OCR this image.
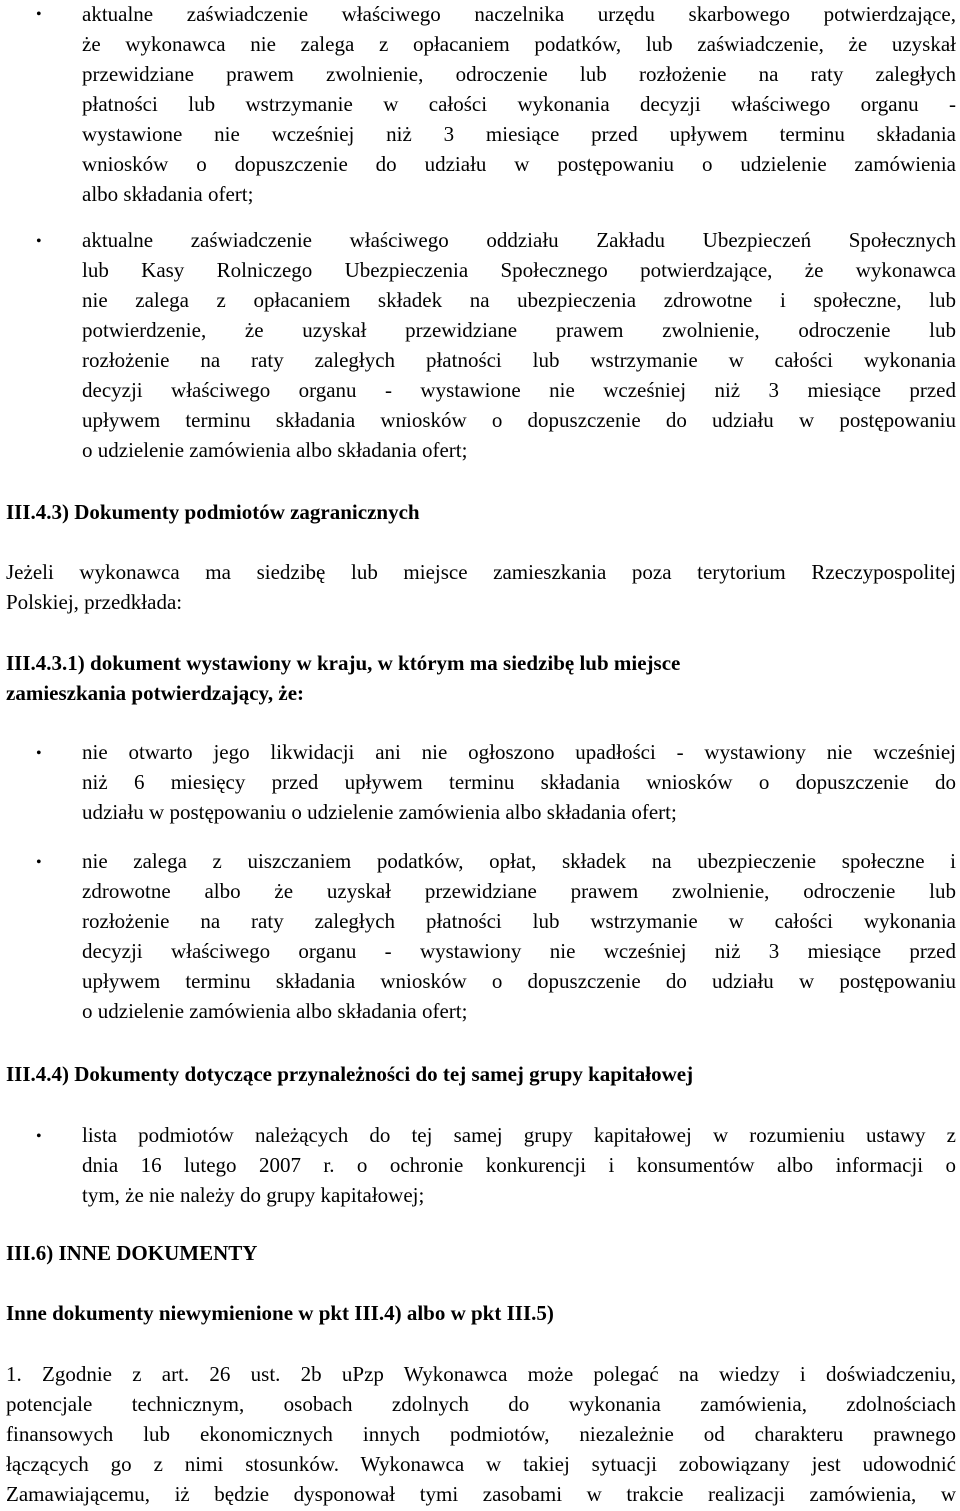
• aktualne zaświadczenie właściwego naczelnika urzędu skarbowego potwierdzające,
że wykonawca nie zalega z opłacaniem podatków, lub zaświadczenie, że uzyskał
przewidziane prawem zwolnienie, odroczenie lub rozłożenie na raty zaległych
płatności lub wstrzymanie w całości wykonania decyzji właściwego organu -
wystawione nie wcześniej niż 3 miesiące przed upływem terminu składania
wniosków o dopuszczenie do udziału w postępowaniu o udzielenie zamówienia
albo składania ofert;
• aktualne zaświadczenie właściwego oddziału Zakładu Ubezpieczeń Społecznych
lub Kasy Rolniczego Ubezpieczenia Społecznego potwierdzające, że wykonawca
nie zalega z opłacaniem składek na ubezpieczenia zdrowotne i społeczne, lub
potwierdzenie, że uzyskał przewidziane prawem zwolnienie, odroczenie lub
rozłożenie na raty zaległych płatności lub wstrzymanie w całości wykonania
decyzji właściwego organu - wystawione nie wcześniej niż 3 miesiące przed
upływem terminu składania wniosków o dopuszczenie do udziału w postępowaniu
o udzielenie zamówienia albo składania ofert;
III.4.3) Dokumenty podmiotów zagranicznych
Jeżeli wykonawca ma siedzibę lub miejsce zamieszkania poza terytorium Rzeczypospolitej
Polskiej, przedkłada:
III.4.3.1) dokument wystawiony w kraju, w którym ma siedzibę lub miejsce
zamieszkania potwierdzający, że:
• nie otwarto jego likwidacji ani nie ogłoszono upadłości - wystawiony nie wcześniej
niż 6 miesięcy przed upływem terminu składania wniosków o dopuszczenie do
udziału w postępowaniu o udzielenie zamówienia albo składania ofert;
• nie zalega z uiszczaniem podatków, opłat, składek na ubezpieczenie społeczne i
zdrowotne albo że uzyskał przewidziane prawem zwolnienie, odroczenie lub
rozłożenie na raty zaległych płatności lub wstrzymanie w całości wykonania
decyzji właściwego organu - wystawiony nie wcześniej niż 3 miesiące przed
upływem terminu składania wniosków o dopuszczenie do udziału w postępowaniu
o udzielenie zamówienia albo składania ofert;
III.4.4) Dokumenty dotyczące przynależności do tej samej grupy kapitałowej
• lista podmiotów należących do tej samej grupy kapitałowej w rozumieniu ustawy z
dnia 16 lutego 2007 r. o ochronie konkurencji i konsumentów albo informacji o
tym, że nie należy do grupy kapitałowej;
III.6) INNE DOKUMENTY
Inne dokumenty niewymienione w pkt III.4) albo w pkt III.5)
1. Zgodnie z art. 26 ust. 2b uPzp Wykonawca może polegać na wiedzy i doświadczeniu,
potencjale technicznym, osobach zdolnych do wykonania zamówienia, zdolnościach
finansowych lub ekonomicznych innych podmiotów, niezależnie od charakteru prawnego
łączących go z nimi stosunków. Wykonawca w takiej sytuacji zobowiązany jest udowodnić
Zamawiającemu, iż będzie dysponował tymi zasobami w trakcie realizacji zamówienia, w
